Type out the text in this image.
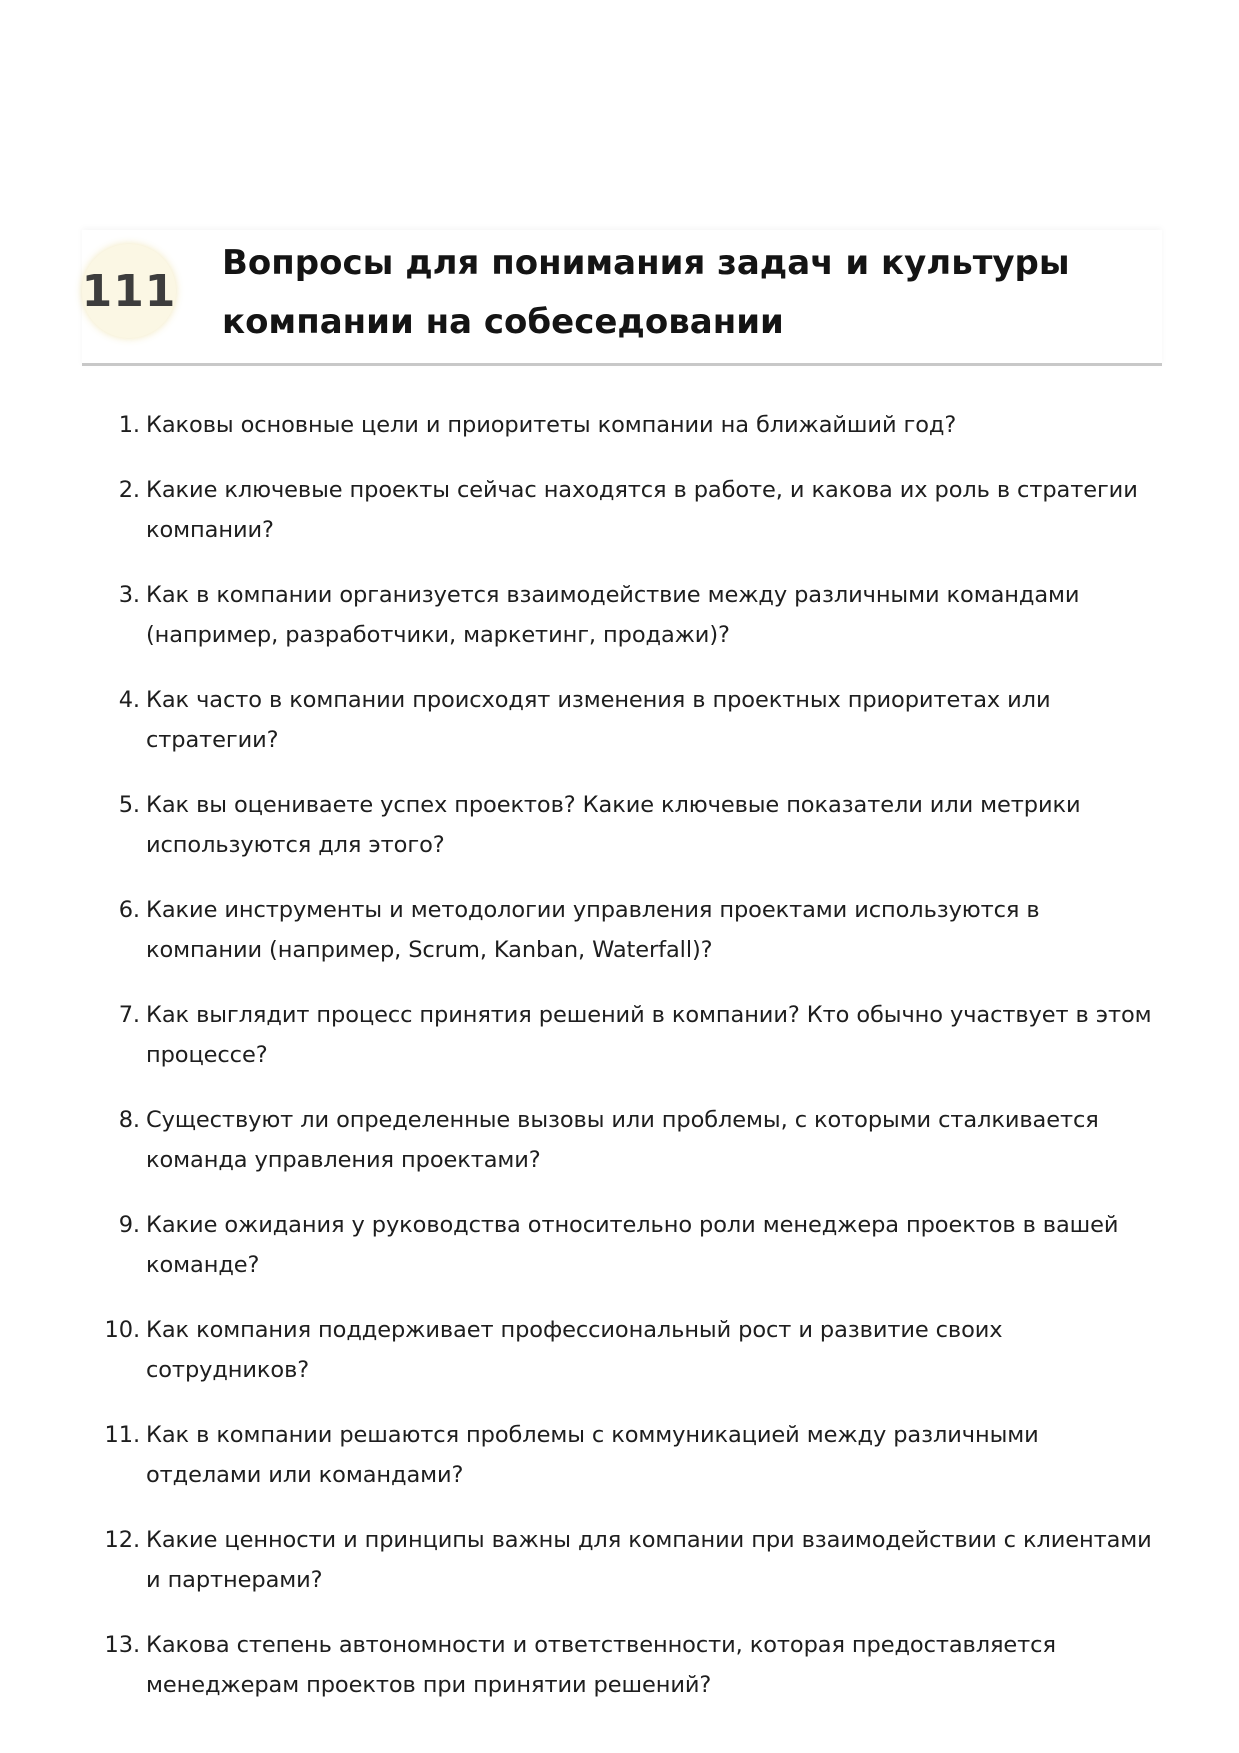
111
Вопросы для понимания задач и культуры
компании на собеседовании
1. Каковы основные цели и приоритеты компании на ближайший год?
2. Какие ключевые проекты сейчас находятся в работе, и какова их роль в стратегии компании?
3. Как в компании организуется взаимодействие между различными командами (например, разработчики, маркетинг, продажи)?
4. Как часто в компании происходят изменения в проектных приоритетах или стратегии?
5. Как вы оцениваете успех проектов? Какие ключевые показатели или метрики используются для этого?
6. Какие инструменты и методологии управления проектами используются в компании (например, Scrum, Kanban, Waterfall)?
7. Как выглядит процесс принятия решений в компании? Кто обычно участвует в этом процессе?
8. Существуют ли определенные вызовы или проблемы, с которыми сталкивается команда управления проектами?
9. Какие ожидания у руководства относительно роли менеджера проектов в вашей команде?
10. Как компания поддерживает профессиональный рост и развитие своих сотрудников?
11. Как в компании решаются проблемы с коммуникацией между различными отделами или командами?
12. Какие ценности и принципы важны для компании при взаимодействии с клиентами и партнерами?
13. Какова степень автономности и ответственности, которая предоставляется менеджерам проектов при принятии решений?
